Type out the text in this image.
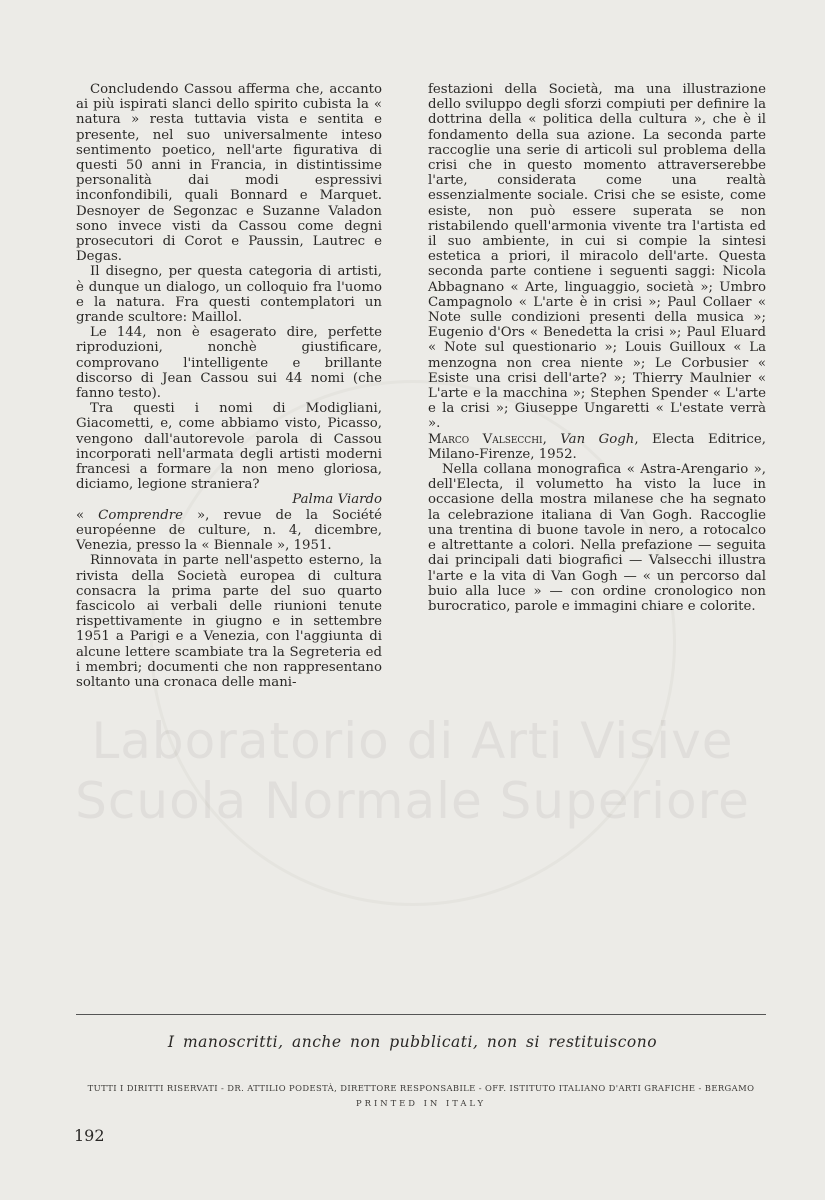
Laboratorio di Arti Visive
Scuola Normale Superiore

Concludendo Cassou afferma che, accanto ai più ispirati slanci dello spirito cubista la « natura » resta tuttavia vista e sentita e presente, nel suo universalmente inteso sentimento poetico, nell'arte figurativa di questi 50 anni in Francia, in distintissime personalità dai modi espressivi inconfondibili, quali Bonnard e Marquet. Desnoyer de Segonzac e Suzanne Valadon sono invece visti da Cassou come degni prosecutori di Corot e Paussin, Lautrec e Degas.

Il disegno, per questa categoria di artisti, è dunque un dialogo, un colloquio fra l'uomo e la natura. Fra questi contemplatori un grande scultore: Maillol.

Le 144, non è esagerato dire, perfette riproduzioni, nonchè giustificare, comprovano l'intelligente e brillante discorso di Jean Cassou sui 44 nomi (che fanno testo).

Tra questi i nomi di Modigliani, Giacometti, e, come abbiamo visto, Picasso, vengono dall'autorevole parola di Cassou incorporati nell'armata degli artisti moderni francesi a formare la non meno gloriosa, diciamo, legione straniera?

Palma Viardo

« Comprendre », revue de la Société européenne de culture, n. 4, dicembre, Venezia, presso la « Biennale », 1951.

Rinnovata in parte nell'aspetto esterno, la rivista della Società europea di cultura consacra la prima parte del suo quarto fascicolo ai verbali delle riunioni tenute rispettivamente in giugno e in settembre 1951 a Parigi e a Venezia, con l'aggiunta di alcune lettere scambiate tra la Segreteria ed i membri; documenti che non rappresentano soltanto una cronaca delle mani-

festazioni della Società, ma una illustrazione dello sviluppo degli sforzi compiuti per definire la dottrina della « politica della cultura », che è il fondamento della sua azione. La seconda parte raccoglie una serie di articoli sul problema della crisi che in questo momento attraverserebbe l'arte, considerata come una realtà essenzialmente sociale. Crisi che se esiste, come esiste, non può essere superata se non ristabilendo quell'armonia vivente tra l'artista ed il suo ambiente, in cui si compie la sintesi estetica a priori, il miracolo dell'arte. Questa seconda parte contiene i seguenti saggi: Nicola Abbagnano « Arte, linguaggio, società »; Umbro Campagnolo « L'arte è in crisi »; Paul Collaer « Note sulle condizioni presenti della musica »; Eugenio d'Ors « Benedetta la crisi »; Paul Eluard « Note sul questionario »; Louis Guilloux « La menzogna non crea niente »; Le Corbusier « Esiste una crisi dell'arte? »; Thierry Maulnier « L'arte e la macchina »; Stephen Spender « L'arte e la crisi »; Giuseppe Ungaretti « L'estate verrà ».

Marco Valsecchi, Van Gogh, Electa Editrice, Milano-Firenze, 1952.

Nella collana monografica « Astra-Arengario », dell'Electa, il volumetto ha visto la luce in occasione della mostra milanese che ha segnato la celebrazione italiana di Van Gogh. Raccoglie una trentina di buone tavole in nero, a rotocalco e altrettante a colori. Nella prefazione — seguita dai principali dati biografici — Valsecchi illustra l'arte e la vita di Van Gogh — « un percorso dal buio alla luce » — con ordine cronologico non burocratico, parole e immagini chiare e colorite.

I manoscritti, anche non pubblicati, non si restituiscono
TUTTI I DIRITTI RISERVATI - DR. ATTILIO PODESTÀ, DIRETTORE RESPONSABILE - OFF. ISTITUTO ITALIANO D'ARTI GRAFICHE - BERGAMO
PRINTED IN ITALY
192
